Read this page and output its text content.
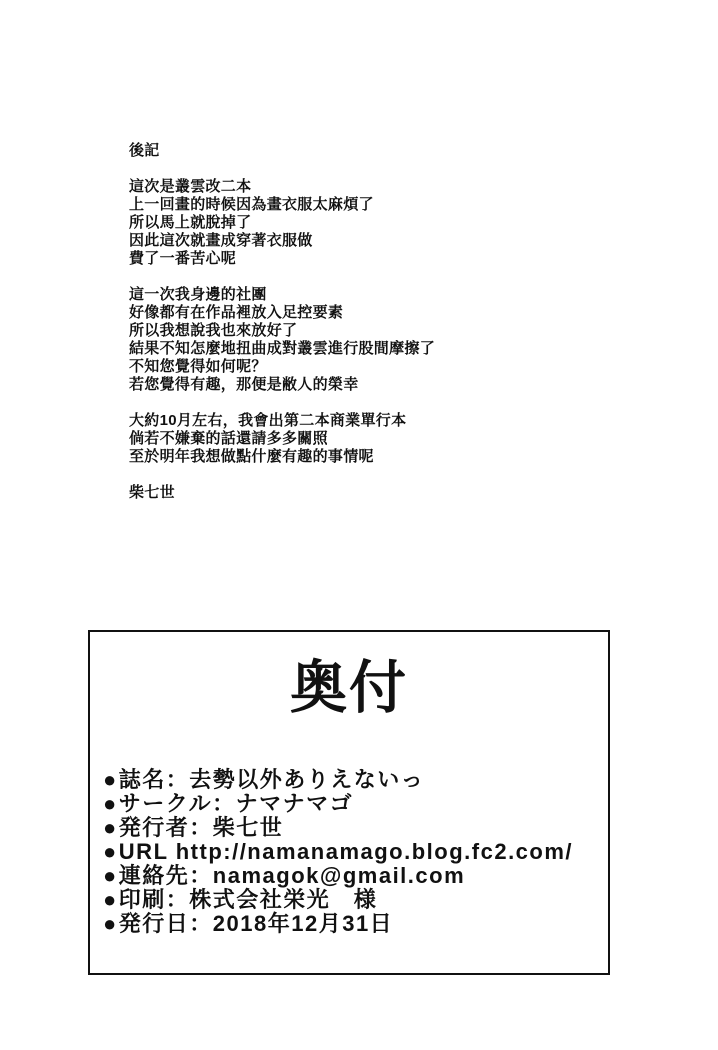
後記

這次是叢雲改二本
上一回畫的時候因為畫衣服太麻煩了
所以馬上就脫掉了
因此這次就畫成穿著衣服做
費了一番苦心呢

這一次我身邊的社團
好像都有在作品裡放入足控要素
所以我想說我也來放好了
結果不知怎麼地扭曲成對叢雲進行股間摩擦了
不知您覺得如何呢？
若您覺得有趣，那便是敝人的榮幸

大約10月左右，我會出第二本商業單行本
倘若不嫌棄的話還請多多關照
至於明年我想做點什麼有趣的事情呢

柴七世
奥付
●誌名：去勢以外ありえないっ
●サークル：ナマナマゴ
●発行者：柴七世
●URL http://namanamago.blog.fc2.com/
●連絡先：namagok@gmail.com
●印刷：株式会社栄光　様
●発行日：2018年12月31日
